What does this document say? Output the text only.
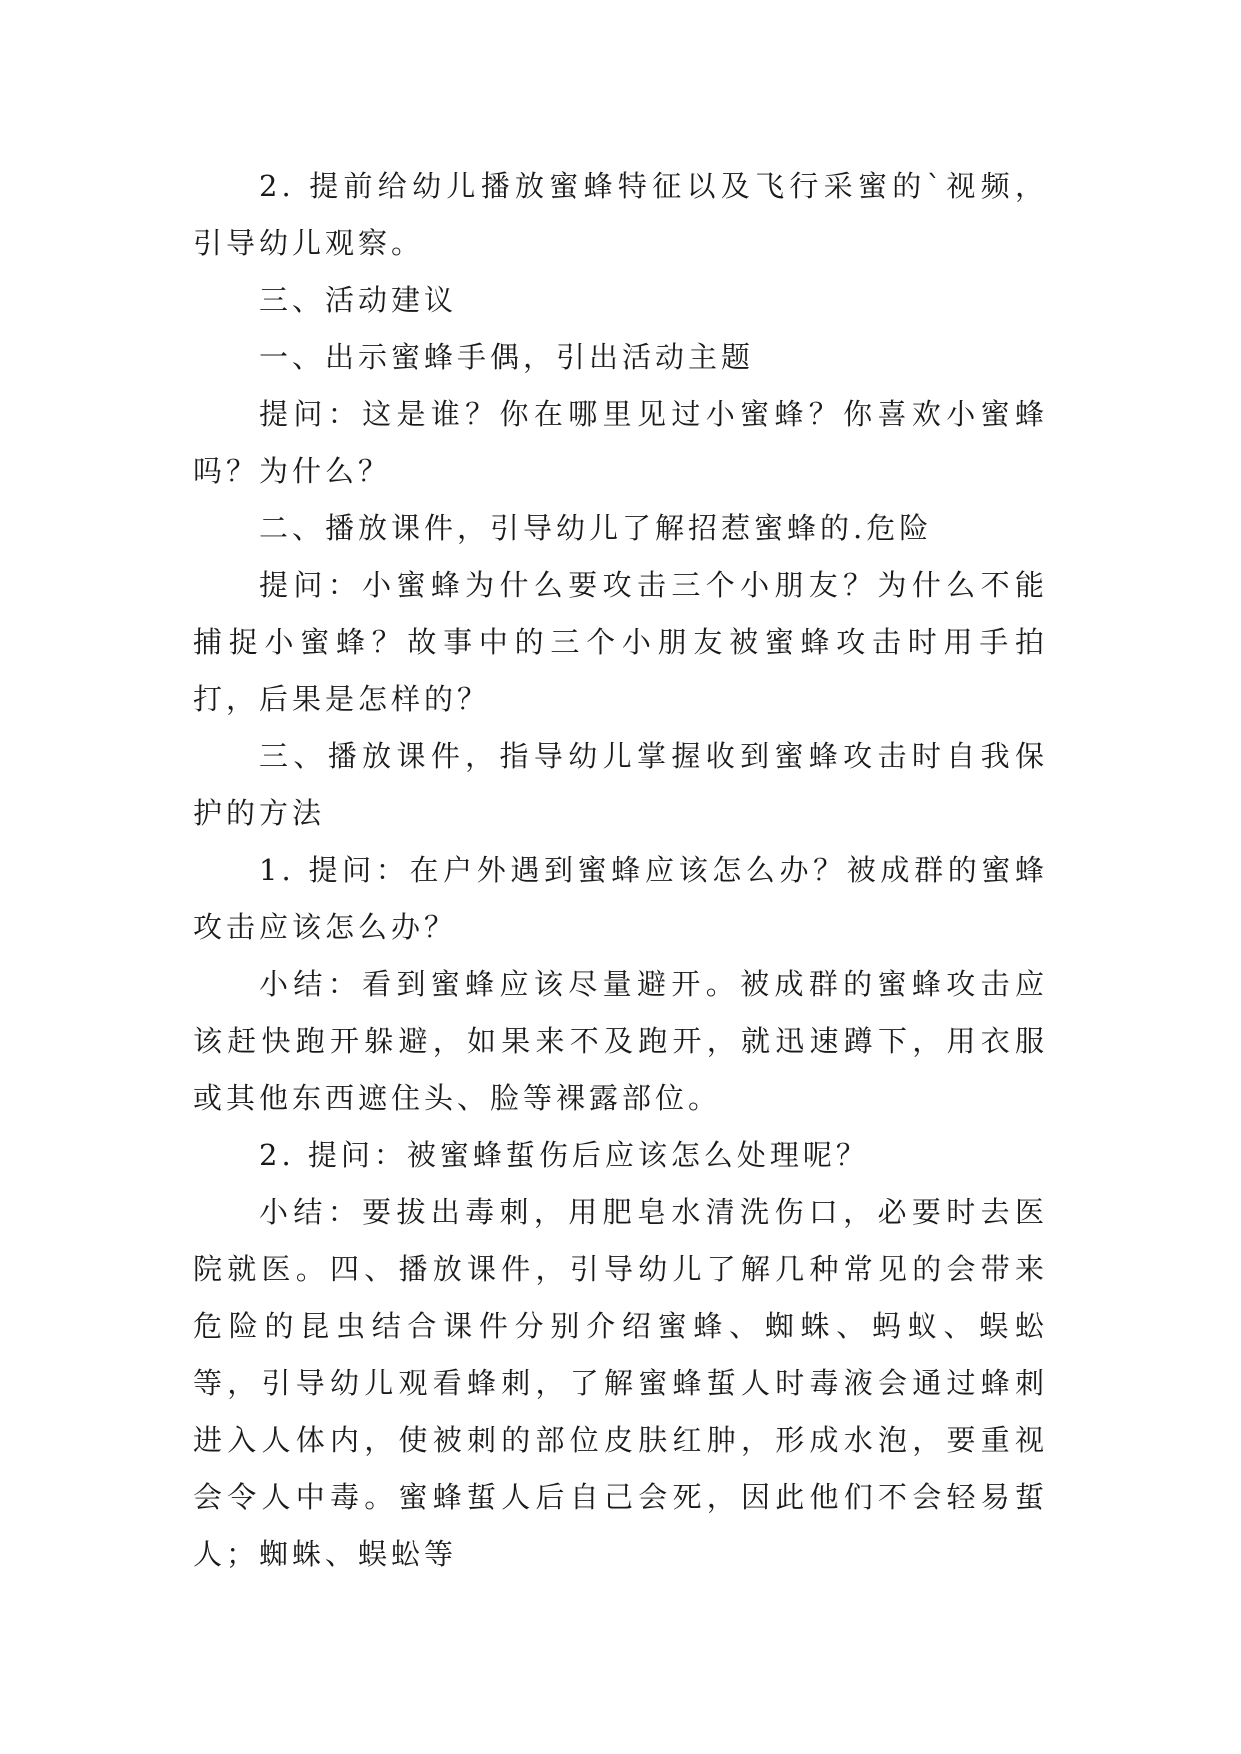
2. 提前给幼儿播放蜜蜂特征以及飞行采蜜的`视频，引导幼儿观察。

三、活动建议

一、出示蜜蜂手偶，引出活动主题

提问：这是谁？你在哪里见过小蜜蜂？你喜欢小蜜蜂吗？为什么？

二、播放课件，引导幼儿了解招惹蜜蜂的.危险

提问：小蜜蜂为什么要攻击三个小朋友？为什么不能捕捉小蜜蜂？故事中的三个小朋友被蜜蜂攻击时用手拍打，后果是怎样的？

三、播放课件，指导幼儿掌握收到蜜蜂攻击时自我保护的方法

1. 提问：在户外遇到蜜蜂应该怎么办？被成群的蜜蜂攻击应该怎么办？

小结：看到蜜蜂应该尽量避开。被成群的蜜蜂攻击应该赶快跑开躲避，如果来不及跑开，就迅速蹲下，用衣服或其他东西遮住头、脸等裸露部位。

2. 提问：被蜜蜂蜇伤后应该怎么处理呢？

小结：要拔出毒刺，用肥皂水清洗伤口，必要时去医院就医。四、播放课件，引导幼儿了解几种常见的会带来危险的昆虫结合课件分别介绍蜜蜂、蜘蛛、蚂蚁、蜈蚣等，引导幼儿观看蜂刺，了解蜜蜂蜇人时毒液会通过蜂刺进入人体内，使被刺的部位皮肤红肿，形成水泡，要重视会令人中毒。蜜蜂蜇人后自己会死，因此他们不会轻易蜇人；蜘蛛、蜈蚣等
